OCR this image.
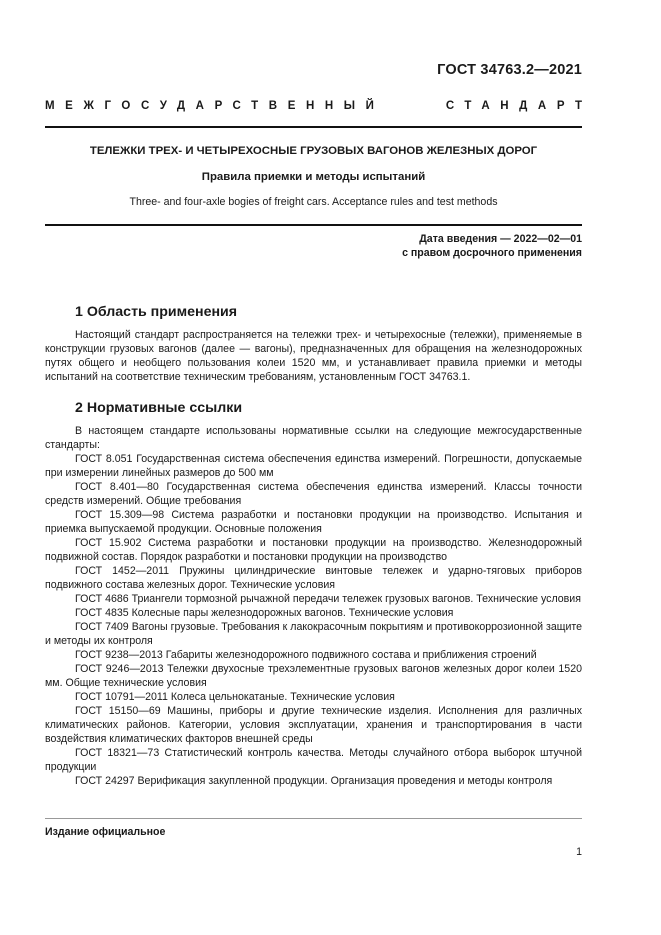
ГОСТ 34763.2—2021
МЕЖГОСУДАРСТВЕННЫЙ	СТАНДАРТ
ТЕЛЕЖКИ ТРЕХ- И ЧЕТЫРЕХОСНЫЕ ГРУЗОВЫХ ВАГОНОВ ЖЕЛЕЗНЫХ ДОРОГ
Правила приемки и методы испытаний
Three- and four-axle bogies of freight cars. Acceptance rules and test methods
Дата введения — 2022—02—01
с правом досрочного применения
1 Область применения

Настоящий стандарт распространяется на тележки трех- и четырехосные (тележки), применяемые в конструкции грузовых вагонов (далее — вагоны), предназначенных для обращения на железнодорожных путях общего и необщего пользования колеи 1520 мм, и устанавливает правила приемки и методы испытаний на соответствие техническим требованиям, установленным ГОСТ 34763.1.

2 Нормативные ссылки

В настоящем стандарте использованы нормативные ссылки на следующие межгосударственные стандарты:

ГОСТ 8.051 Государственная система обеспечения единства измерений. Погрешности, допускаемые при измерении линейных размеров до 500 мм

ГОСТ 8.401—80 Государственная система обеспечения единства измерений. Классы точности средств измерений. Общие требования

ГОСТ 15.309—98 Система разработки и постановки продукции на производство. Испытания и приемка выпускаемой продукции. Основные положения

ГОСТ 15.902 Система разработки и постановки продукции на производство. Железнодорожный подвижной состав. Порядок разработки и постановки продукции на производство

ГОСТ 1452—2011 Пружины цилиндрические винтовые тележек и ударно-тяговых приборов подвижного состава железных дорог. Технические условия

ГОСТ 4686 Триангели тормозной рычажной передачи тележек грузовых вагонов. Технические условия

ГОСТ 4835 Колесные пары железнодорожных вагонов. Технические условия

ГОСТ 7409 Вагоны грузовые. Требования к лакокрасочным покрытиям и противокоррозионной защите и методы их контроля

ГОСТ 9238—2013 Габариты железнодорожного подвижного состава и приближения строений

ГОСТ 9246—2013 Тележки двухосные трехэлементные грузовых вагонов железных дорог колеи 1520 мм. Общие технические условия

ГОСТ 10791—2011 Колеса цельнокатаные. Технические условия

ГОСТ 15150—69 Машины, приборы и другие технические изделия. Исполнения для различных климатических районов. Категории, условия эксплуатации, хранения и транспортирования в части воздействия климатических факторов внешней среды

ГОСТ 18321—73 Статистический контроль качества. Методы случайного отбора выборок штучной продукции

ГОСТ 24297 Верификация закупленной продукции. Организация проведения и методы контроля

Издание официальное
1
